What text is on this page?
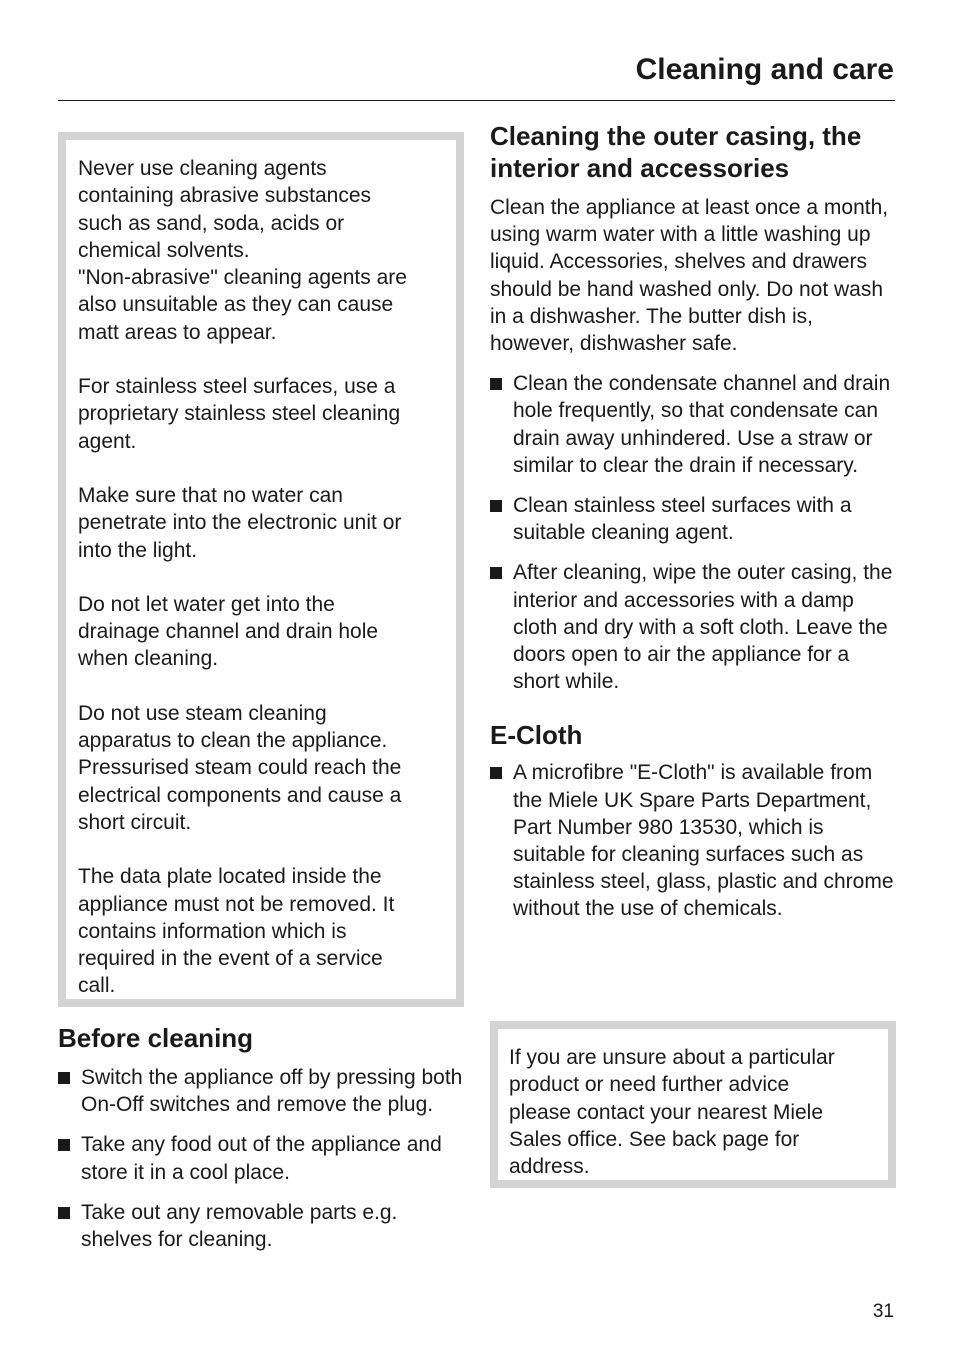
Cleaning and care

Never use cleaning agents
containing abrasive substances
such as sand, soda, acids or
chemical solvents.
"Non-abrasive" cleaning agents are
also unsuitable as they can cause
matt areas to appear.

For stainless steel surfaces, use a
proprietary stainless steel cleaning
agent.

Make sure that no water can
penetrate into the electronic unit or
into the light.

Do not let water get into the
drainage channel and drain hole
when cleaning.

Do not use steam cleaning
apparatus to clean the appliance.
Pressurised steam could reach the
electrical components and cause a
short circuit.

The data plate located inside the
appliance must not be removed. It
contains information which is
required in the event of a service
call.

Before cleaning
Switch the appliance off by pressing both On-Off switches and remove the plug.
Take any food out of the appliance and store it in a cool place.
Take out any removable parts e.g. shelves for cleaning.
Cleaning the outer casing, the interior and accessories

Clean the appliance at least once a month, using warm water with a little washing up liquid. Accessories, shelves and drawers should be hand washed only. Do not wash in a dishwasher. The butter dish is, however, dishwasher safe.

Clean the condensate channel and drain hole frequently, so that condensate can drain away unhindered. Use a straw or similar to clear the drain if necessary.
Clean stainless steel surfaces with a suitable cleaning agent.
After cleaning, wipe the outer casing, the interior and accessories with a damp cloth and dry with a soft cloth. Leave the doors open to air the appliance for a short while.
E-Cloth
A microfibre "E-Cloth" is available from the Miele UK Spare Parts Department, Part Number 980 13530, which is suitable for cleaning surfaces such as stainless steel, glass, plastic and chrome without the use of chemicals.

If you are unsure about a particular
product or need further advice
please contact your nearest Miele
Sales office. See back page for
address.

31
